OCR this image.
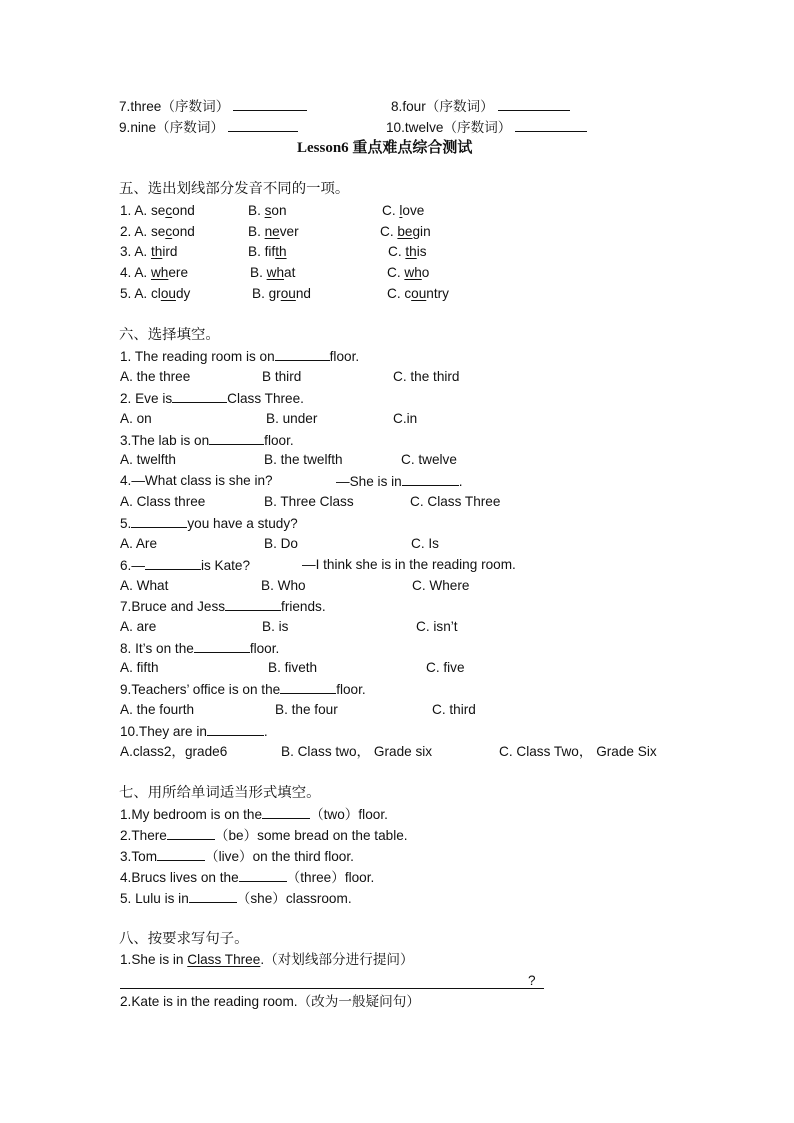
7.three（序数词）	8.four（序数词）
9.nine（序数词）	10.twelve（序数词）
Lesson6 重点难点综合测试
五、选出划线部分发音不同的一项。
1. A. second	B. son	C. love
2. A. second	B. never	C. begin
3. A. third	B. fifth	C. this
4. A. where	B. what	C. who
5. A. cloudy	B. ground	C. country
六、选择填空。
1. The reading room is on	floor.
A. the three	B third	C. the third
2. Eve is	Class Three.
A. on	B. under	C.in
3.The lab is on	floor.
A. twelfth	B. the twelfth	C. twelve
4.—What class is she in?	—She is in	.
A. Class three	B. Three Class	C. Class Three
5.	you have a study?
A. Are	B. Do	C. Is
6.—	is Kate?	—I think she is in the reading room.
A. What	B. Who	C. Where
7.Bruce and Jess	friends.
A. are	B. is	C. isn’t
8. It’s on the	floor.
A. fifth	B. fiveth	C. five
9.Teachers’ office is on the	floor.
A. the fourth	B. the four	C. third
10.They are in	.
A.class2，grade6	B. Class two， Grade six	C. Class Two， Grade Six
七、用所给单词适当形式填空。
1.My bedroom is on the	（two）floor.
2.There	（be）some bread on the table.
3.Tom	（live）on the third floor.
4.Brucs lives on the	（three）floor.
5. Lulu is in	（she）classroom.
八、按要求写句子。
1.She is in Class Three.（对划线部分进行提问）
?
2.Kate is in the reading room.（改为一般疑问句）
